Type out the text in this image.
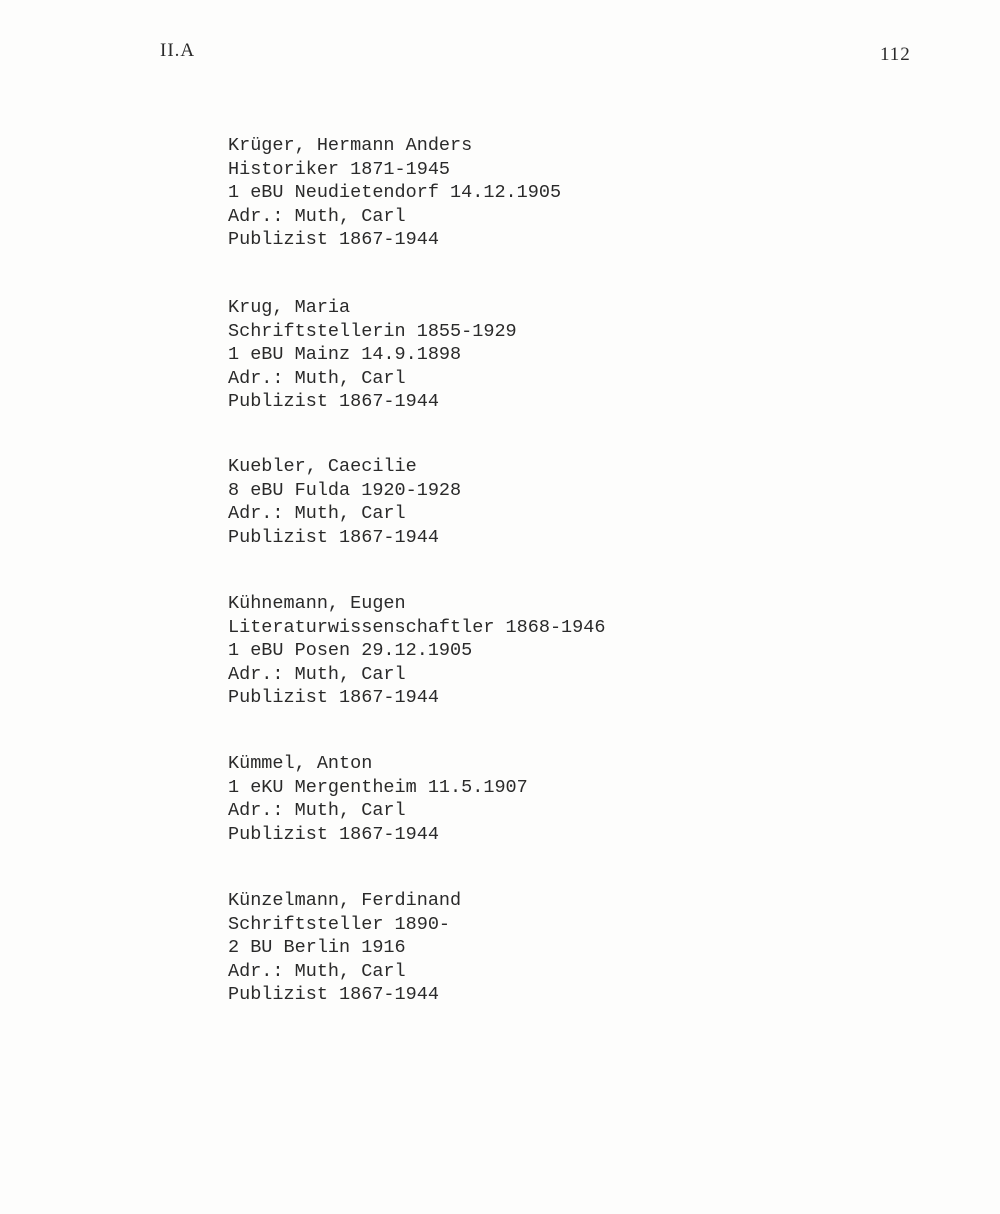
II.A	112
Krüger, Hermann Anders
Historiker 1871-1945
1 eBU Neudietendorf 14.12.1905
Adr.: Muth, Carl
Publizist 1867-1944
Krug, Maria
Schriftstellerin 1855-1929
1 eBU Mainz 14.9.1898
Adr.: Muth, Carl
Publizist 1867-1944
Kuebler, Caecilie
8 eBU Fulda 1920-1928
Adr.: Muth, Carl
Publizist 1867-1944
Kühnemann, Eugen
Literaturwissenschaftler 1868-1946
1 eBU Posen 29.12.1905
Adr.: Muth, Carl
Publizist 1867-1944
Kümmel, Anton
1 eKU Mergentheim 11.5.1907
Adr.: Muth, Carl
Publizist 1867-1944
Künzelmann, Ferdinand
Schriftsteller 1890-
2 BU Berlin 1916
Adr.: Muth, Carl
Publizist 1867-1944
